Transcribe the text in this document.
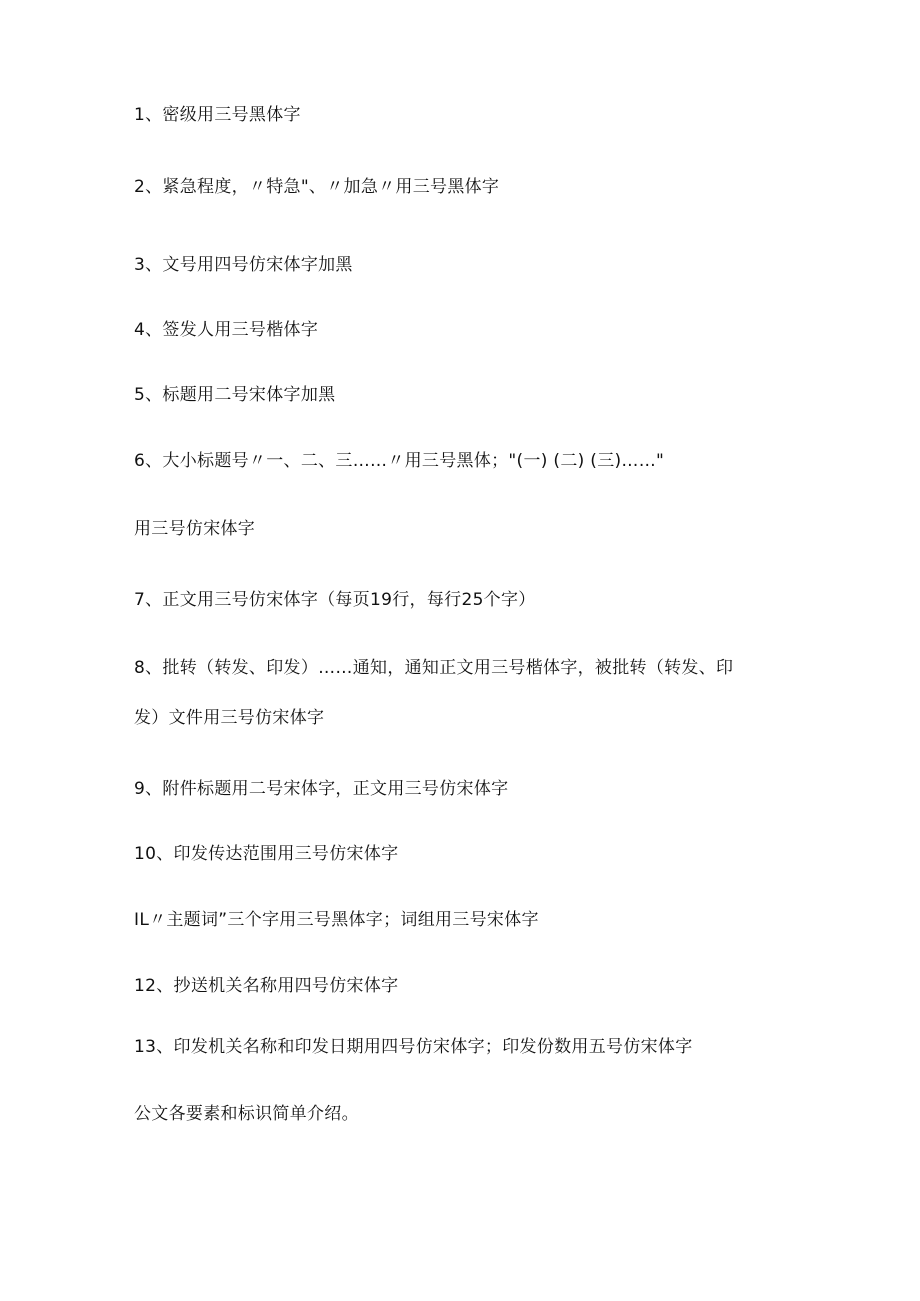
1、密级用三号黑体字
2、紧急程度，〃特急"、〃加急〃用三号黑体字
3、文号用四号仿宋体字加黑
4、签发人用三号楷体字
5、标题用二号宋体字加黑
6、大小标题号〃一、二、三……〃用三号黑体；"(一) (二) (三)……"
用三号仿宋体字
7、正文用三号仿宋体字（每页19行，每行25个字）
8、批转（转发、印发）……通知，通知正文用三号楷体字，被批转（转发、印
发）文件用三号仿宋体字
9、附件标题用二号宋体字，正文用三号仿宋体字
10、印发传达范围用三号仿宋体字
IL〃主题词”三个字用三号黑体字；词组用三号宋体字
12、抄送机关名称用四号仿宋体字
13、印发机关名称和印发日期用四号仿宋体字；印发份数用五号仿宋体字
公文各要素和标识简单介绍。
